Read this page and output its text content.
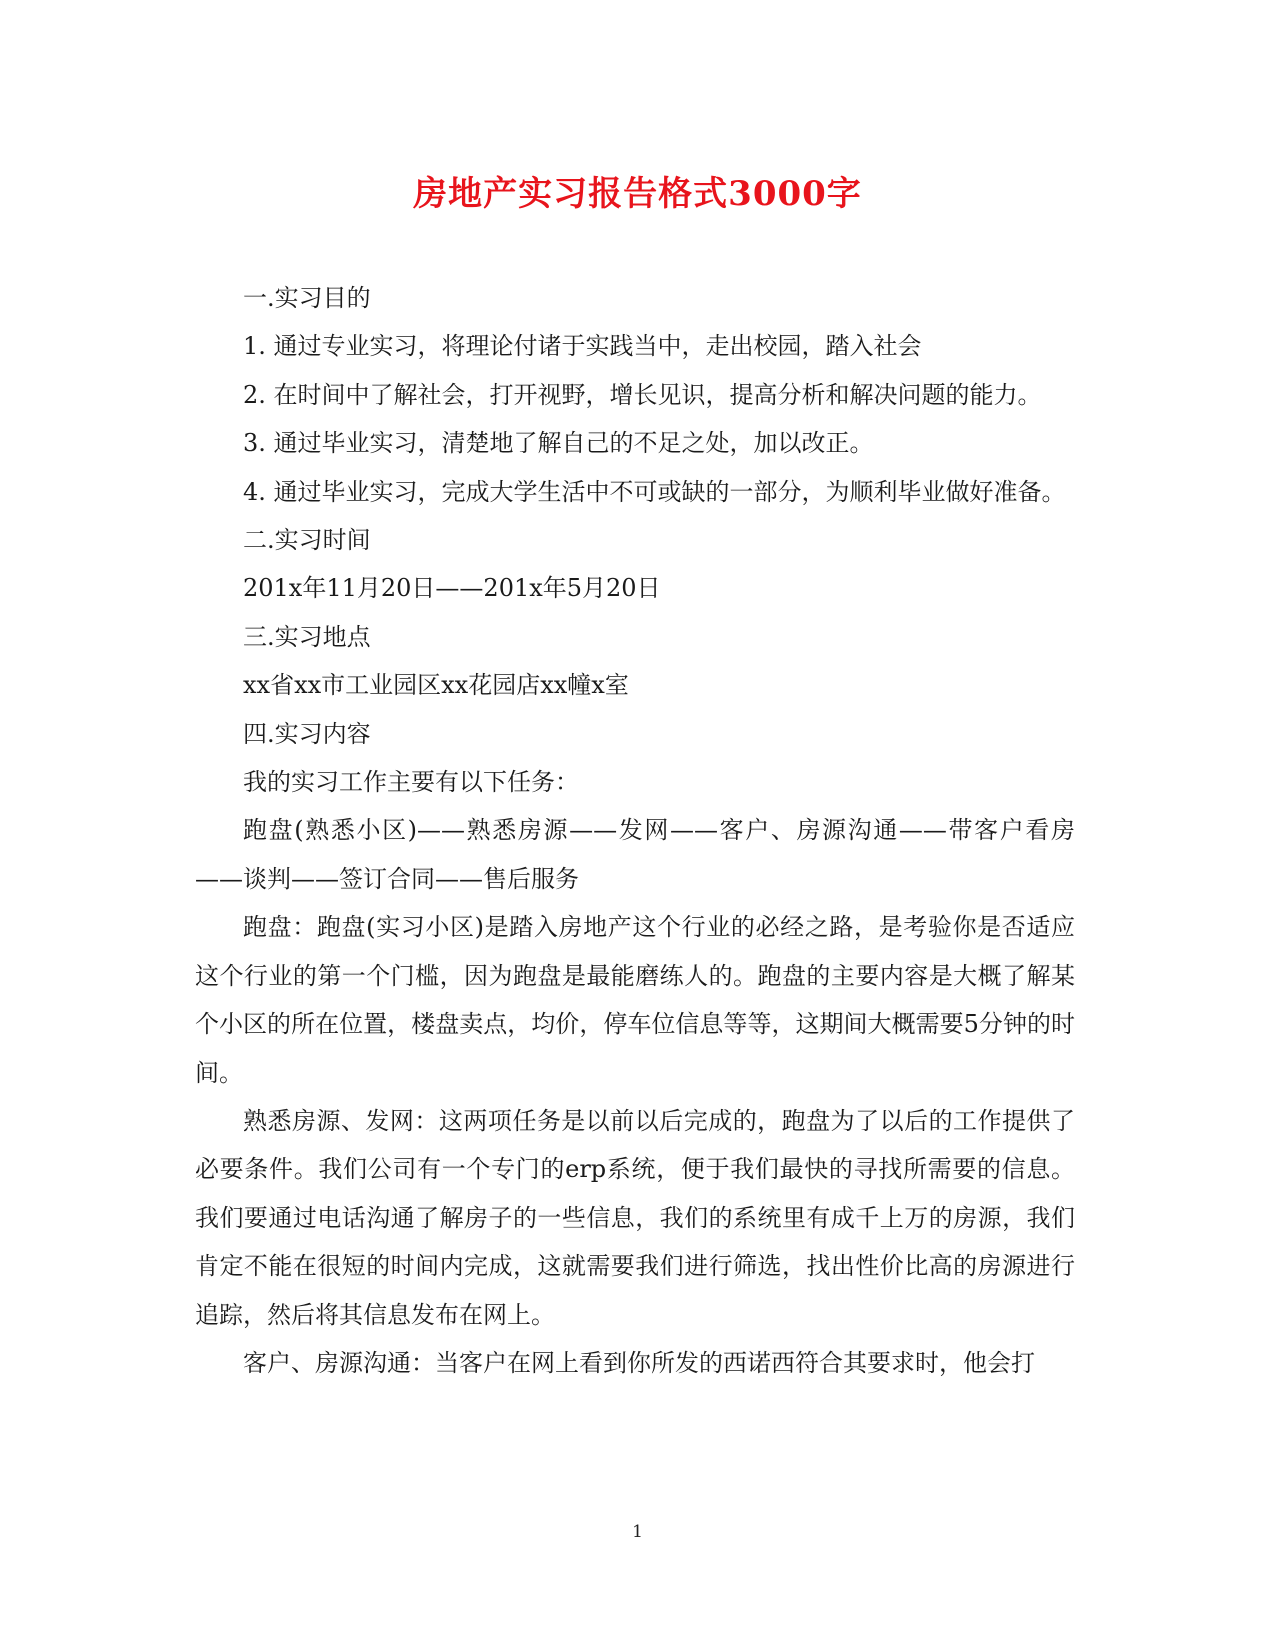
房地产实习报告格式3000字

一.实习目的

1. 通过专业实习，将理论付诸于实践当中，走出校园，踏入社会

2. 在时间中了解社会，打开视野，增长见识，提高分析和解决问题的能力。

3. 通过毕业实习，清楚地了解自己的不足之处，加以改正。

4. 通过毕业实习，完成大学生活中不可或缺的一部分，为顺利毕业做好准备。

二.实习时间

201x年11月20日——201x年5月20日

三.实习地点

xx省xx市工业园区xx花园店xx幢x室

四.实习内容

我的实习工作主要有以下任务：

跑盘(熟悉小区)——熟悉房源——发网——客户、房源沟通——带客户看房——谈判——签订合同——售后服务

跑盘：跑盘(实习小区)是踏入房地产这个行业的必经之路，是考验你是否适应这个行业的第一个门槛，因为跑盘是最能磨练人的。跑盘的主要内容是大概了解某个小区的所在位置，楼盘卖点，均价，停车位信息等等，这期间大概需要5分钟的时间。

熟悉房源、发网：这两项任务是以前以后完成的，跑盘为了以后的工作提供了必要条件。我们公司有一个专门的erp系统，便于我们最快的寻找所需要的信息。我们要通过电话沟通了解房子的一些信息，我们的系统里有成千上万的房源，我们肯定不能在很短的时间内完成，这就需要我们进行筛选，找出性价比高的房源进行追踪，然后将其信息发布在网上。

客户、房源沟通：当客户在网上看到你所发的西诺西符合其要求时，他会打

1
